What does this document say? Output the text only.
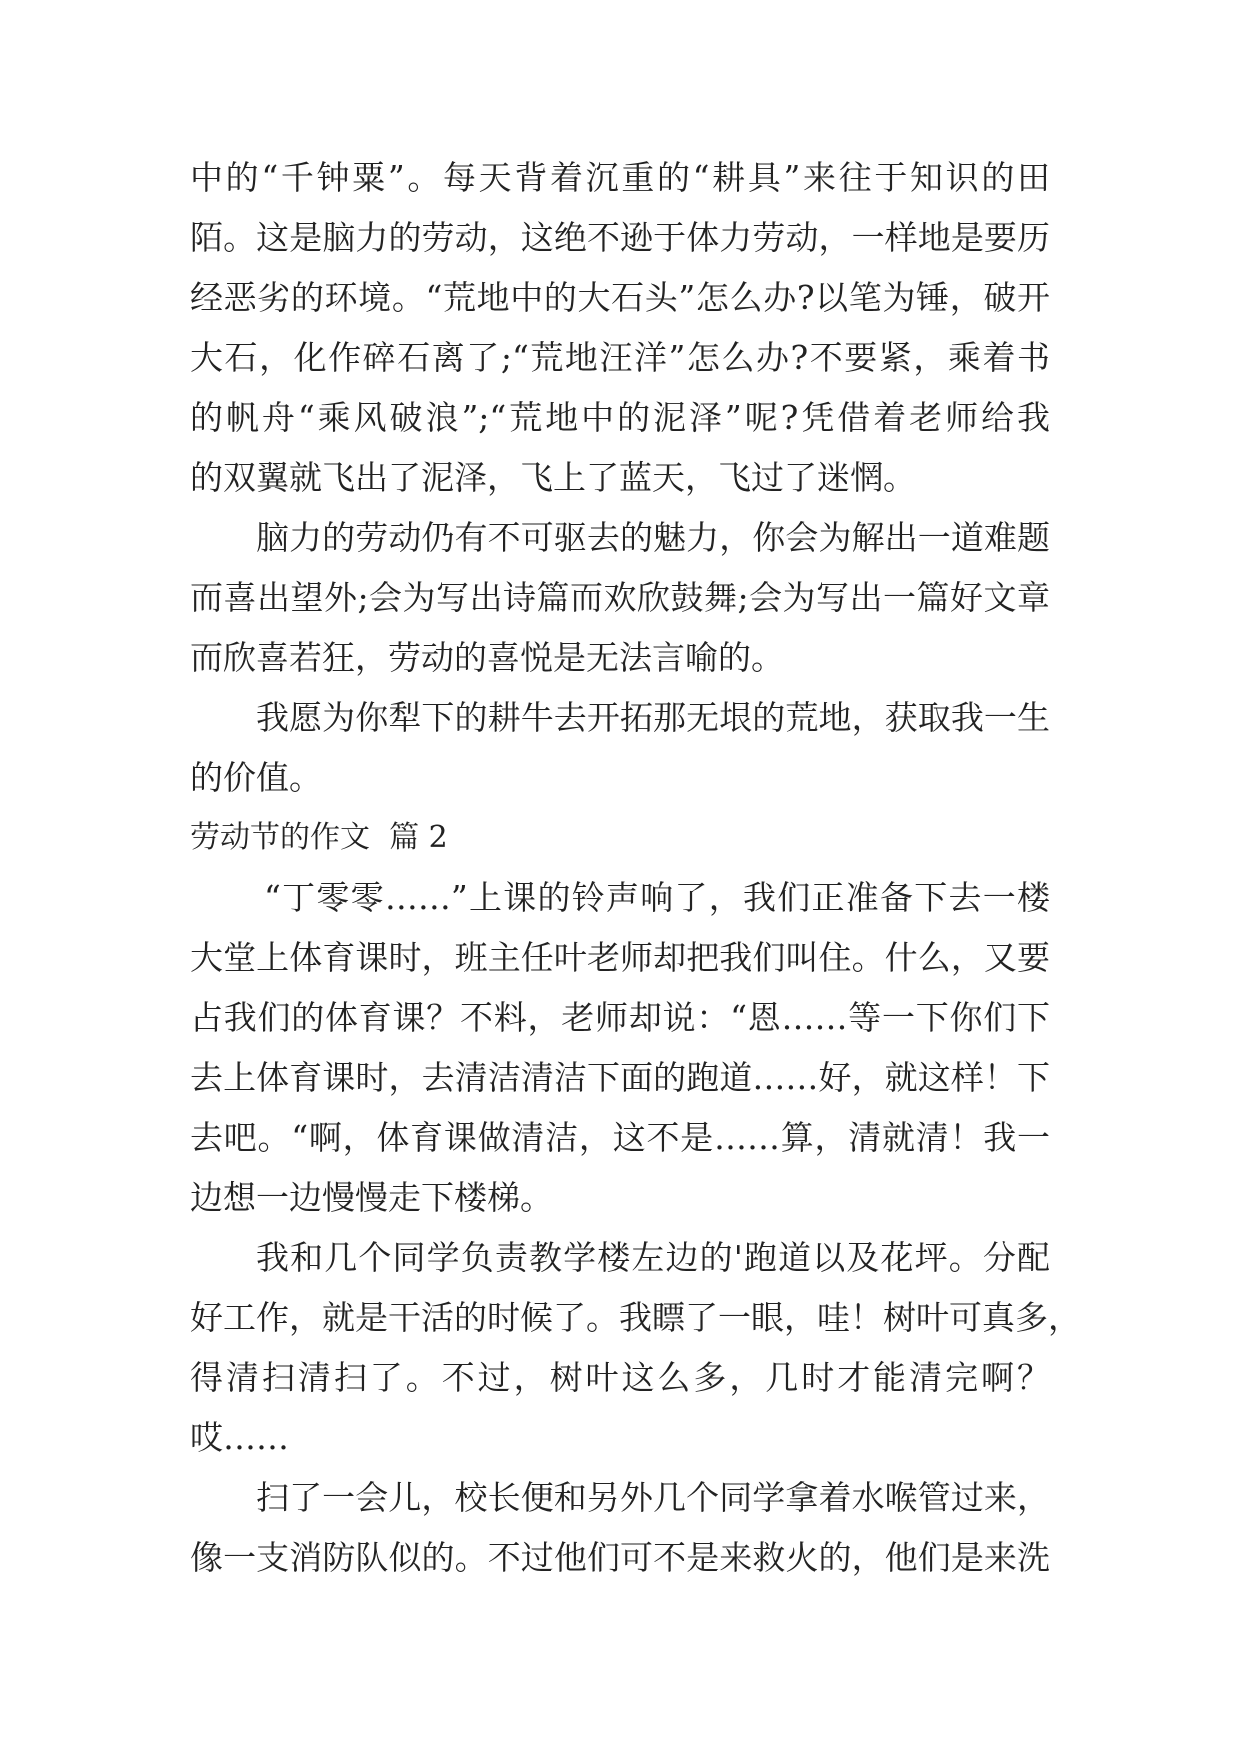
中的“千钟粟”。每天背着沉重的“耕具”来往于知识的田
陌。这是脑力的劳动，这绝不逊于体力劳动，一样地是要历
经恶劣的环境。“荒地中的大石头”怎么办?以笔为锤，破开
大石，化作碎石离了;“荒地汪洋”怎么办?不要紧，乘着书
的帆舟“乘风破浪”;“荒地中的泥泽”呢?凭借着老师给我
的双翼就飞出了泥泽，飞上了蓝天，飞过了迷惘。
脑力的劳动仍有不可驱去的魅力，你会为解出一道难题
而喜出望外;会为写出诗篇而欢欣鼓舞;会为写出一篇好文章
而欣喜若狂，劳动的喜悦是无法言喻的。
我愿为你犁下的耕牛去开拓那无垠的荒地，获取我一生
的价值。
劳动节的作文  篇 2
“丁零零……”上课的铃声响了，我们正准备下去一楼
大堂上体育课时，班主任叶老师却把我们叫住。什么，又要
占我们的体育课？不料，老师却说：“恩……等一下你们下
去上体育课时，去清洁清洁下面的跑道……好，就这样！下
去吧。“啊，体育课做清洁，这不是……算，清就清！我一
边想一边慢慢走下楼梯。
我和几个同学负责教学楼左边的'跑道以及花坪。分配
好工作，就是干活的时候了。我瞟了一眼，哇！树叶可真多，
得清扫清扫了。不过，树叶这么多，几时才能清完啊？
哎……
扫了一会儿，校长便和另外几个同学拿着水喉管过来，
像一支消防队似的。不过他们可不是来救火的，他们是来洗
